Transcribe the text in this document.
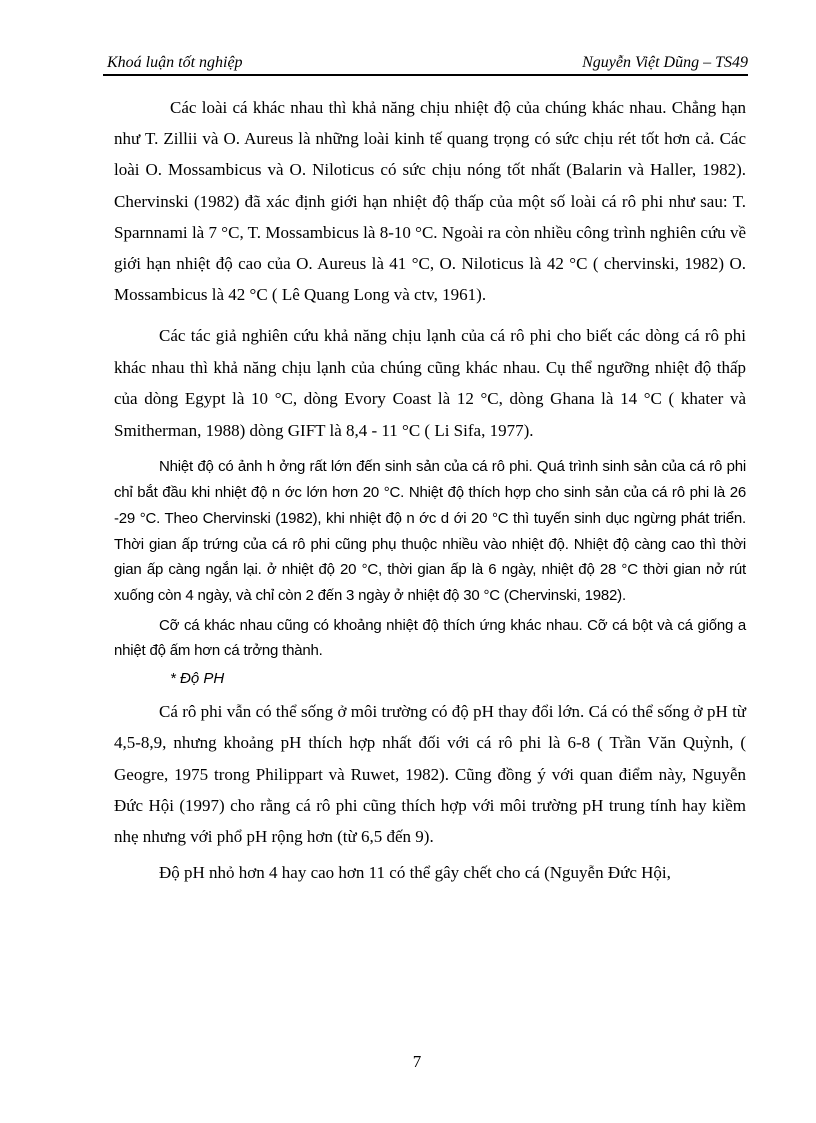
Khoá luận tốt nghiệp	Nguyễn Việt Dũng – TS49

Các loài cá khác nhau thì khả năng chịu nhiệt độ của chúng khác nhau. Chẳng hạn như T. Zillii và O. Aureus là những loài kinh tế quang trọng có sức chịu rét tốt hơn cả. Các loài O. Mossambicus và O. Niloticus có sức chịu nóng tốt nhất (Balarin và Haller, 1982). Chervinski (1982) đã xác định giới hạn nhiệt độ thấp của một số loài cá rô phi như sau: T. Sparnnami là 7 °C, T. Mossambicus là 8-10 °C. Ngoài ra còn nhiều công trình nghiên cứu về giới hạn nhiệt độ cao của O. Aureus là 41 °C, O. Niloticus là 42 °C ( chervinski, 1982) O. Mossambicus là 42 °C ( Lê Quang Long và ctv, 1961).

Các tác giả nghiên cứu khả năng chịu lạnh của cá rô phi cho biết các dòng cá rô phi khác nhau thì khả năng chịu lạnh của chúng cũng khác nhau. Cụ thể ngưỡng nhiệt độ thấp của dòng Egypt là 10 °C, dòng Evory Coast là 12 °C, dòng Ghana là 14 °C ( khater và Smitherman, 1988) dòng GIFT là 8,4 - 11 °C ( Li Sifa, 1977).

Nhiệt độ có ảnh h ởng rất lớn đến sinh sản của cá rô phi. Quá trình sinh sản của cá rô phi chỉ bắt đầu khi nhiệt độ n ớc lớn hơn 20 °C. Nhiệt độ thích hợp cho sinh sản của cá rô phi là 26 -29 °C. Theo Chervinski (1982), khi nhiệt độ n ớc d ới 20 °C thì tuyến sinh dục ngừng phát triển. Thời gian ấp trứng của cá rô phi cũng phụ thuộc nhiều vào nhiệt độ. Nhiệt độ càng cao thì thời gian ấp càng ngắn lại. ở nhiệt độ 20 °C, thời gian ấp là 6 ngày, nhiệt độ 28 °C thời gian nở rút xuống còn 4 ngày, và chỉ còn 2 đến 3 ngày ở nhiệt độ 30 °C (Chervinski, 1982).

Cỡ cá khác nhau cũng có khoảng nhiệt độ thích ứng khác nhau. Cỡ cá bột và cá giống a nhiệt độ ấm hơn cá trởng thành.

* Độ PH

Cá rô phi vẫn có thể sống ở môi trường có độ pH thay đổi lớn. Cá có thể sống ở pH từ 4,5-8,9, nhưng khoảng pH thích hợp nhất đối với cá rô phi là 6-8 ( Trần Văn Quỳnh, ( Geogre, 1975 trong Philippart và Ruwet, 1982). Cũng đồng ý với quan điểm này, Nguyễn Đức Hội (1997) cho rằng cá rô phi cũng thích hợp với môi trường pH trung tính hay kiềm nhẹ nhưng với phổ pH rộng hơn (từ 6,5 đến 9).

Độ pH nhỏ hơn 4 hay cao hơn 11 có thể gây chết cho cá (Nguyễn Đức Hội,

7
